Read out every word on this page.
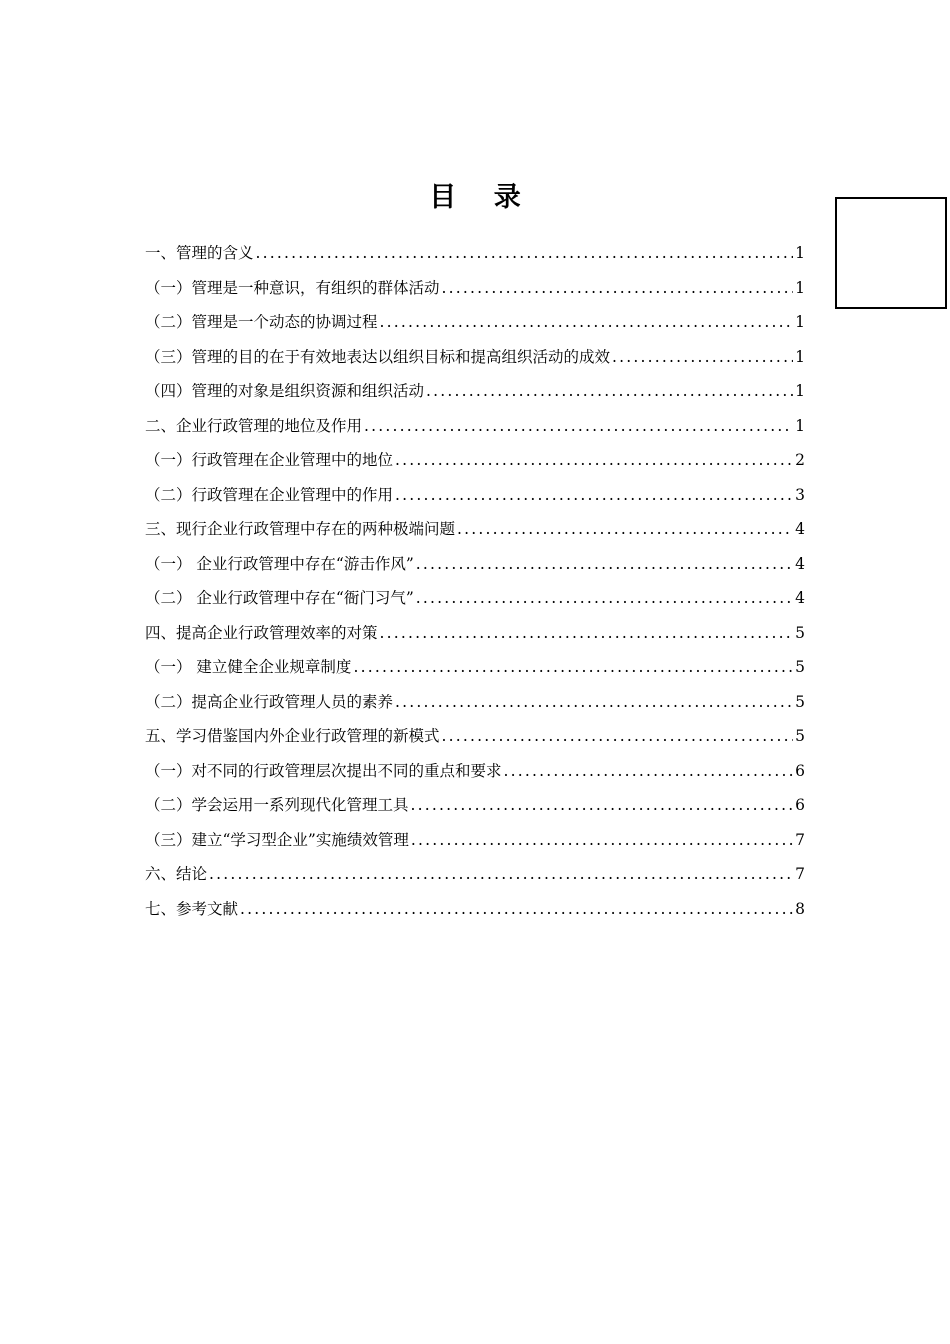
目 录
一、管理的含义 .....	1
（一）管理是一种意识，有组织的群体活动 .....	1
（二）管理是一个动态的协调过程 .....	1
（三）管理的目的在于有效地表达以组织目标和提高组织活动的成效 .....	1
（四）管理的对象是组织资源和组织活动 .....	1
二、企业行政管理的地位及作用 .....	1
（一）行政管理在企业管理中的地位 .....	2
（二）行政管理在企业管理中的作用 .....	3
三、现行企业行政管理中存在的两种极端问题 .....	4
（一） 企业行政管理中存在“游击作风” .....	4
（二） 企业行政管理中存在“衙门习气” .....	4
四、提高企业行政管理效率的对策 .....	5
（一） 建立健全企业规章制度 .....	5
（二）提高企业行政管理人员的素养 .....	5
五、学习借鉴国内外企业行政管理的新模式 .....	5
（一）对不同的行政管理层次提出不同的重点和要求 .....	6
（二）学会运用一系列现代化管理工具 .....	6
（三）建立“学习型企业”实施绩效管理 .....	7
六、结论 .....	7
七、参考文献 .....	8
